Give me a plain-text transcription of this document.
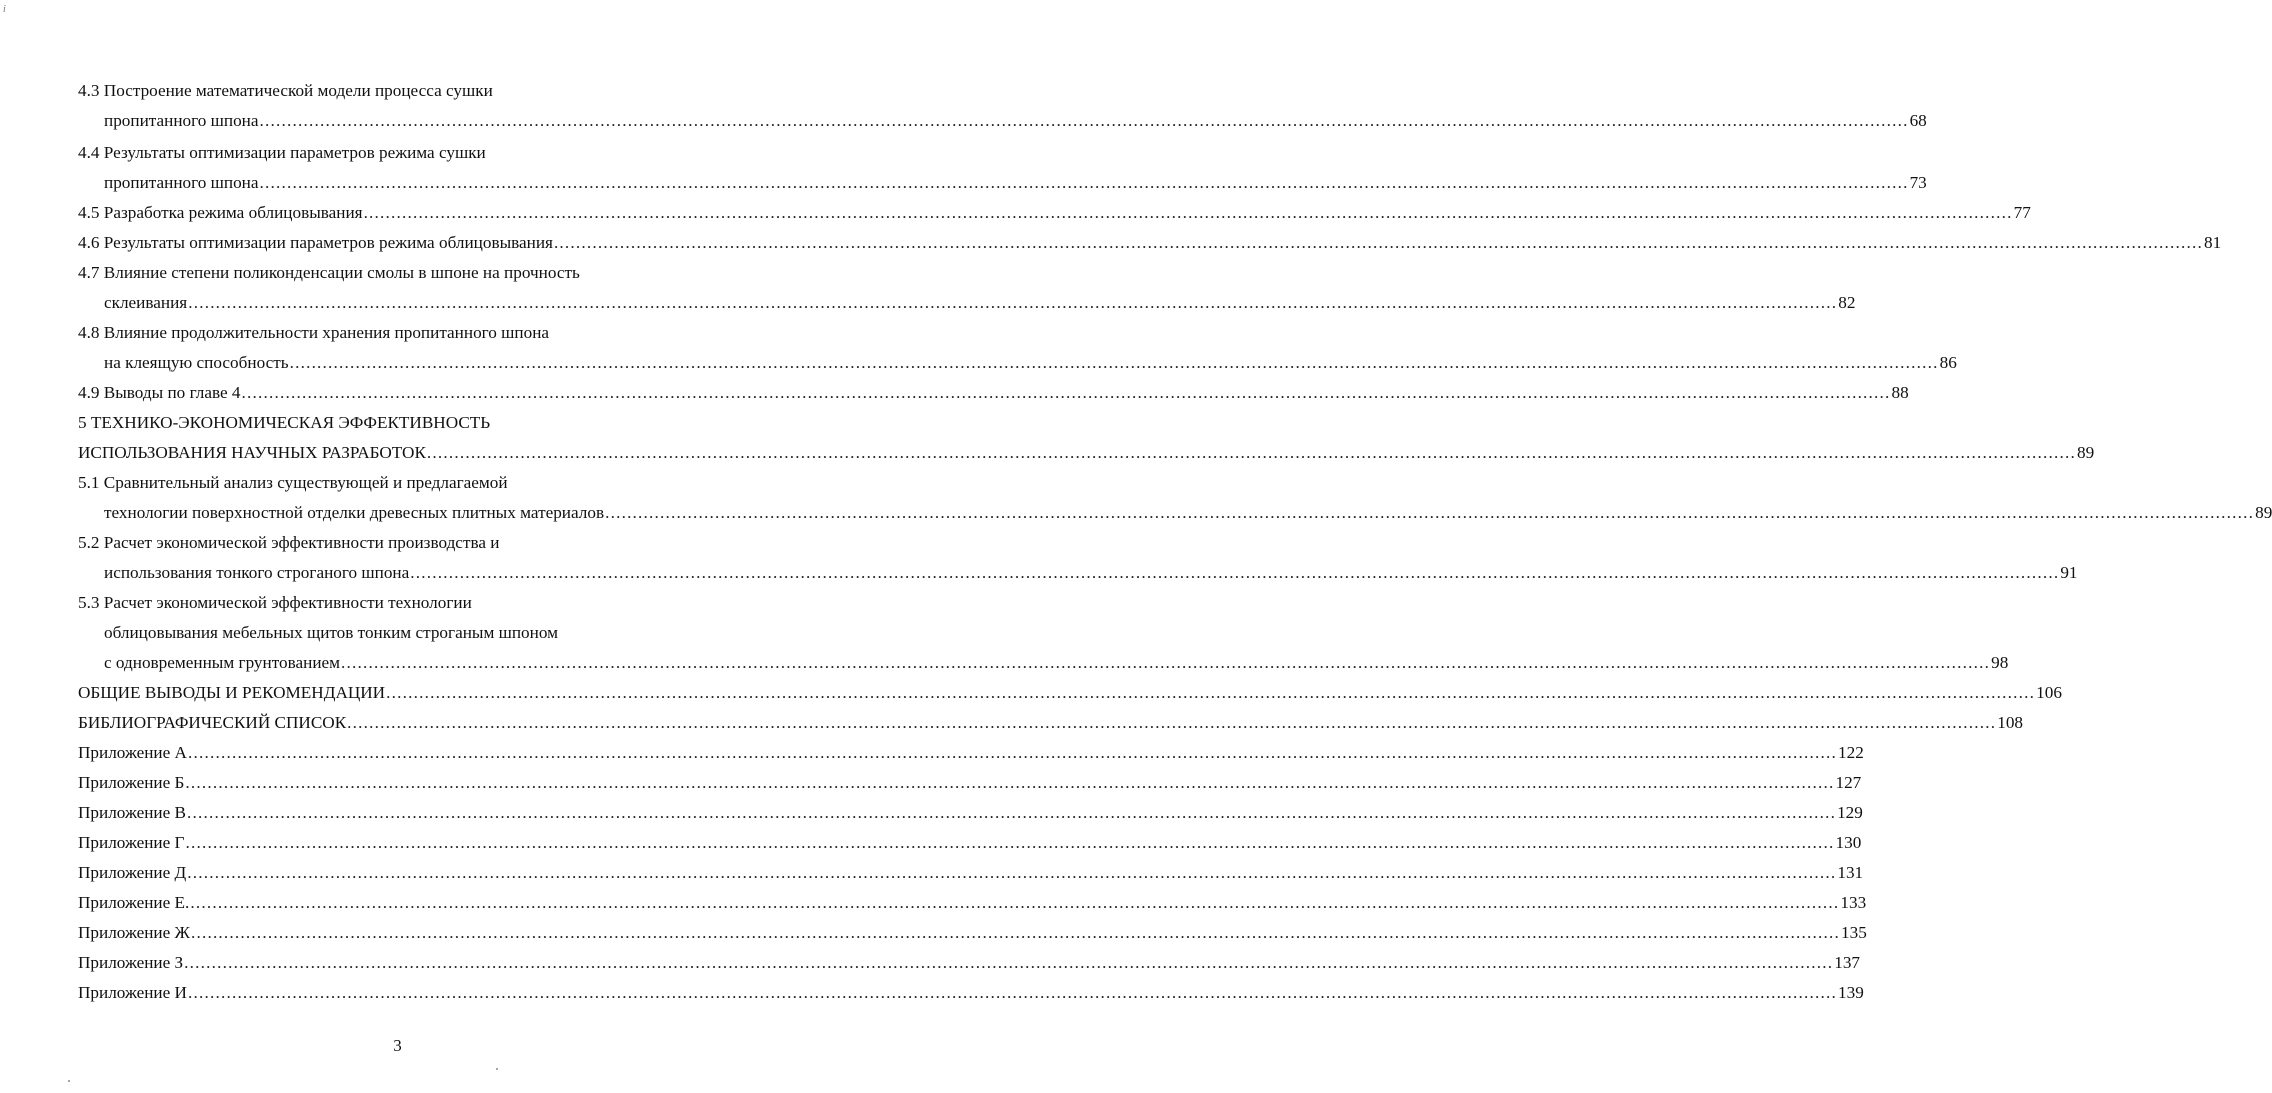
i
4.3 Построение математической модели процесса сушки
пропитанного шпона ............................................................................................................................................................................................................................................................................................................ 68
4.4 Результаты оптимизации параметров режима сушки
пропитанного шпона ............................................................................................................................................................................................................................................................................................................ 73
4.5 Разработка режима облицовывания ............................................................................................................................................................................................................................................................................................................ 77
4.6 Результаты оптимизации параметров режима облицовывания ............................................................................................................................................................................................................................................................................................................ 81
4.7 Влияние степени поликонденсации смолы в шпоне на прочность
склеивания ............................................................................................................................................................................................................................................................................................................ 82
4.8 Влияние продолжительности хранения пропитанного шпона
на клеящую способность ............................................................................................................................................................................................................................................................................................................ 86
4.9 Выводы по главе 4 ............................................................................................................................................................................................................................................................................................................ 88
5 ТЕХНИКО-ЭКОНОМИЧЕСКАЯ ЭФФЕКТИВНОСТЬ
ИСПОЛЬЗОВАНИЯ НАУЧНЫХ РАЗРАБОТОК ............................................................................................................................................................................................................................................................................................................ 89
5.1 Сравнительный анализ существующей и предлагаемой
технологии поверхностной отделки древесных плитных материалов ............................................................................................................................................................................................................................................................................................................ 89
5.2 Расчет экономической эффективности производства и
использования тонкого строганого шпона ............................................................................................................................................................................................................................................................................................................ 91
5.3 Расчет экономической эффективности технологии
облицовывания мебельных щитов тонким строганым шпоном
с одновременным грунтованием ............................................................................................................................................................................................................................................................................................................ 98
ОБЩИЕ ВЫВОДЫ И РЕКОМЕНДАЦИИ ............................................................................................................................................................................................................................................................................................................ 106
БИБЛИОГРАФИЧЕСКИЙ СПИСОК ............................................................................................................................................................................................................................................................................................................ 108
Приложение А ............................................................................................................................................................................................................................................................................................................ 122
Приложение Б ............................................................................................................................................................................................................................................................................................................ 127
Приложение В ............................................................................................................................................................................................................................................................................................................ 129
Приложение Г ............................................................................................................................................................................................................................................................................................................ 130
Приложение Д ............................................................................................................................................................................................................................................................................................................ 131
Приложение Е. ............................................................................................................................................................................................................................................................................................................ 133
Приложение Ж ............................................................................................................................................................................................................................................................................................................ 135
Приложение З ............................................................................................................................................................................................................................................................................................................ 137
Приложение И ............................................................................................................................................................................................................................................................................................................ 139
3
